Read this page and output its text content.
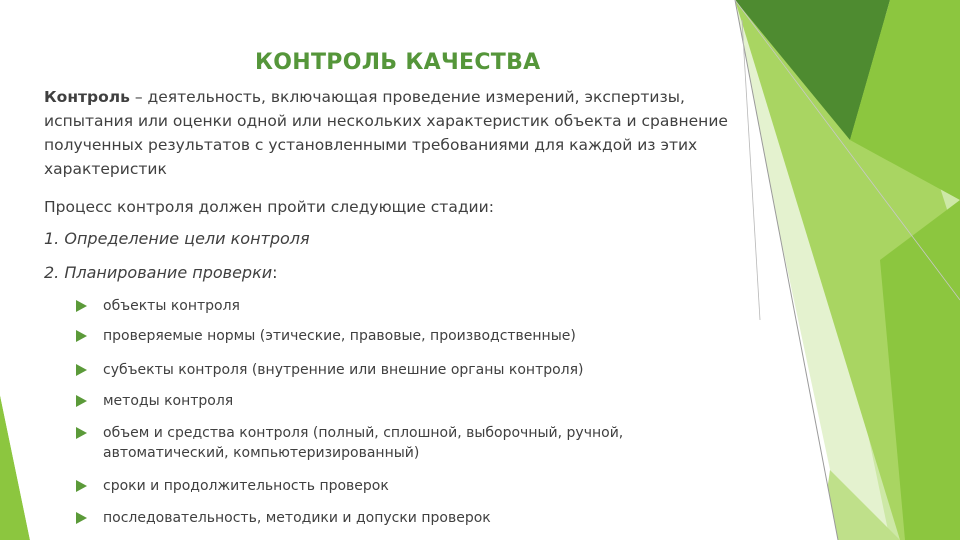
КОНТРОЛЬ КАЧЕСТВА
Контроль – деятельность, включающая проведение измерений, экспертизы, испытания или оценки одной или нескольких характеристик объекта и сравнение полученных результатов с установленными требованиями для каждой из этих характеристик
Процесс контроля должен пройти следующие стадии:
1. Определение цели контроля
2. Планирование проверки:
объекты контроля
проверяемые нормы (этические, правовые, производственные)
субъекты контроля (внутренние или внешние органы контроля)
методы контроля
объем и средства контроля (полный, сплошной, выборочный, ручной, автоматический, компьютеризированный)
сроки и продолжительность проверок
последовательность, методики и допуски проверок
